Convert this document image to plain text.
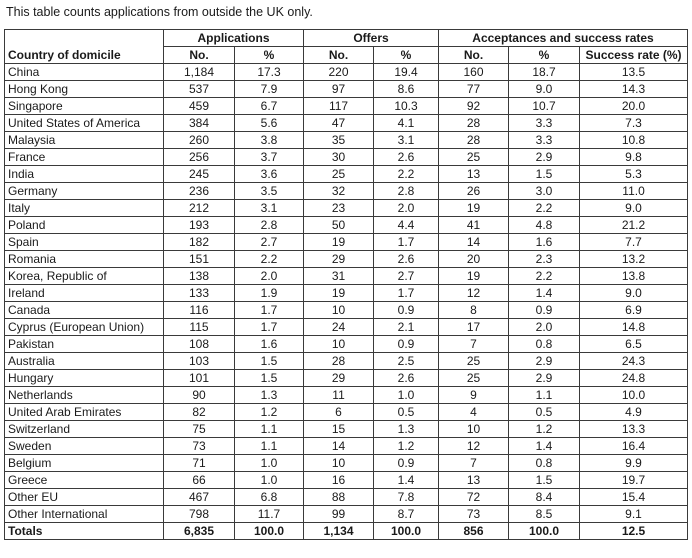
This table counts applications from outside the UK only.
Country of domicile	Applications		Offers		Acceptances and success rates		
	No.	%	No.	%	No.	%	Success rate (%)
China	1,184	17.3	220	19.4	160	18.7	13.5
Hong Kong	537	7.9	97	8.6	77	9.0	14.3
Singapore	459	6.7	117	10.3	92	10.7	20.0
United States of America	384	5.6	47	4.1	28	3.3	7.3
Malaysia	260	3.8	35	3.1	28	3.3	10.8
France	256	3.7	30	2.6	25	2.9	9.8
India	245	3.6	25	2.2	13	1.5	5.3
Germany	236	3.5	32	2.8	26	3.0	11.0
Italy	212	3.1	23	2.0	19	2.2	9.0
Poland	193	2.8	50	4.4	41	4.8	21.2
Spain	182	2.7	19	1.7	14	1.6	7.7
Romania	151	2.2	29	2.6	20	2.3	13.2
Korea, Republic of	138	2.0	31	2.7	19	2.2	13.8
Ireland	133	1.9	19	1.7	12	1.4	9.0
Canada	116	1.7	10	0.9	8	0.9	6.9
Cyprus (European Union)	115	1.7	24	2.1	17	2.0	14.8
Pakistan	108	1.6	10	0.9	7	0.8	6.5
Australia	103	1.5	28	2.5	25	2.9	24.3
Hungary	101	1.5	29	2.6	25	2.9	24.8
Netherlands	90	1.3	11	1.0	9	1.1	10.0
United Arab Emirates	82	1.2	6	0.5	4	0.5	4.9
Switzerland	75	1.1	15	1.3	10	1.2	13.3
Sweden	73	1.1	14	1.2	12	1.4	16.4
Belgium	71	1.0	10	0.9	7	0.8	9.9
Greece	66	1.0	16	1.4	13	1.5	19.7
Other EU	467	6.8	88	7.8	72	8.4	15.4
Other International	798	11.7	99	8.7	73	8.5	9.1
Totals	6,835	100.0	1,134	100.0	856	100.0	12.5
